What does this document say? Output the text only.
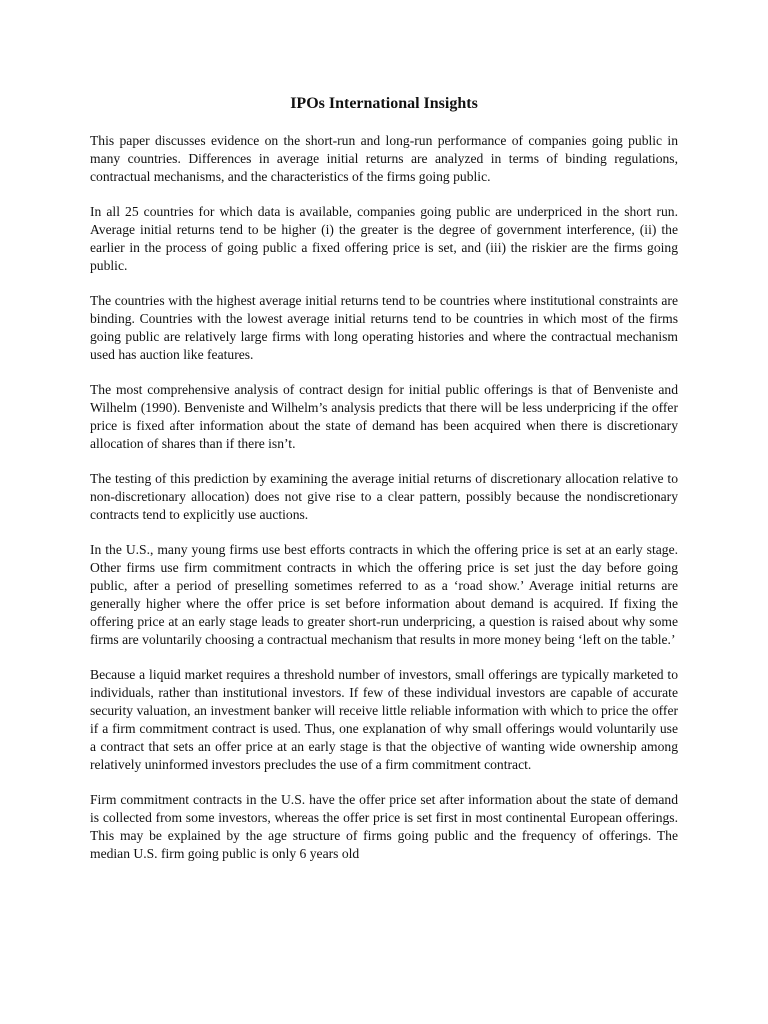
IPOs International Insights

This paper discusses evidence on the short-run and long-run performance of companies going public in many countries. Differences in average initial returns are analyzed in terms of binding regulations, contractual mechanisms, and the characteristics of the firms going public.

In all 25 countries for which data is available, companies going public are underpriced in the short run. Average initial returns tend to be higher (i) the greater is the degree of government interference, (ii) the earlier in the process of going public a fixed offering price is set, and (iii) the riskier are the firms going public.

The countries with the highest average initial returns tend to be countries where institutional constraints are binding. Countries with the lowest average initial returns tend to be countries in which most of the firms going public are relatively large firms with long operating histories and where the contractual mechanism used has auction like features.

The most comprehensive analysis of contract design for initial public offerings is that of Benveniste and Wilhelm (1990). Benveniste and Wilhelm’s analysis predicts that there will be less underpricing if the offer price is fixed after information about the state of demand has been acquired when there is discretionary allocation of shares than if there isn’t.

The testing of this prediction by examining the average initial returns of discretionary allocation relative to non-discretionary allocation) does not give rise to a clear pattern, possibly because the nondiscretionary contracts tend to explicitly use auctions.

In the U.S., many young firms use best efforts contracts in which the offering price is set at an early stage. Other firms use firm commitment contracts in which the offering price is set just the day before going public, after a period of preselling sometimes referred to as a ‘road show.’ Average initial returns are generally higher where the offer price is set before information about demand is acquired. If fixing the offering price at an early stage leads to greater short-run underpricing, a question is raised about why some firms are voluntarily choosing a contractual mechanism that results in more money being ‘left on the table.’

Because a liquid market requires a threshold number of investors, small offerings are typically marketed to individuals, rather than institutional investors. If few of these individual investors are capable of accurate security valuation, an investment banker will receive little reliable information with which to price the offer if a firm commitment contract is used. Thus, one explanation of why small offerings would voluntarily use a contract that sets an offer price at an early stage is that the objective of wanting wide ownership among relatively uninformed investors precludes the use of a firm commitment contract.

Firm commitment contracts in the U.S. have the offer price set after information about the state of demand is collected from some investors, whereas the offer price is set first in most continental European offerings. This may be explained by the age structure of firms going public and the frequency of offerings. The median U.S. firm going public is only 6 years old
